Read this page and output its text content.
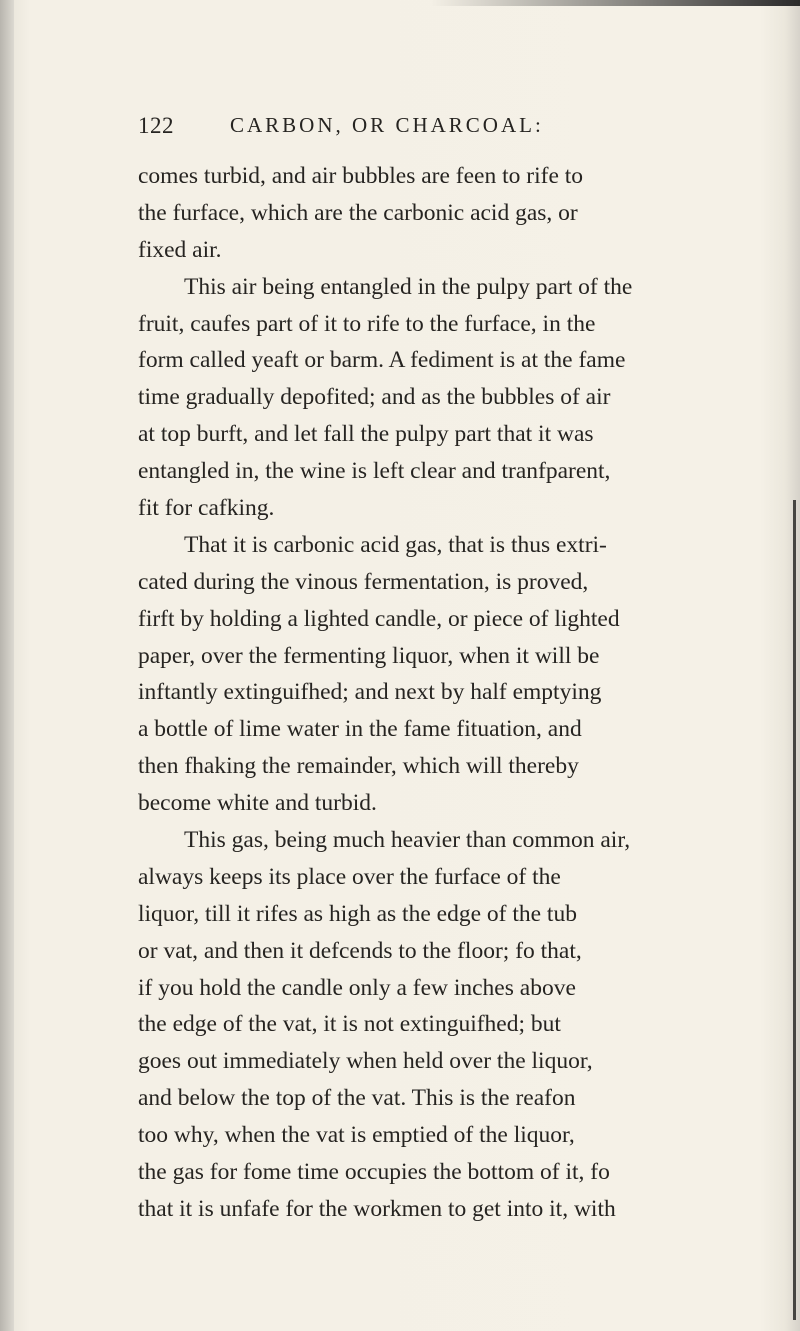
122	CARBON, OR CHARCOAL:
comes turbid, and air bubbles are feen to rife to
the furface, which are the carbonic acid gas, or
fixed air.
This air being entangled in the pulpy part of the
fruit, caufes part of it to rife to the furface, in the
form called yeaft or barm. A fediment is at the fame
time gradually depofited; and as the bubbles of air
at top burft, and let fall the pulpy part that it was
entangled in, the wine is left clear and tranfparent,
fit for cafking.
That it is carbonic acid gas, that is thus extri-
cated during the vinous fermentation, is proved,
firft by holding a lighted candle, or piece of lighted
paper, over the fermenting liquor, when it will be
inftantly extinguifhed; and next by half emptying
a bottle of lime water in the fame fituation, and
then fhaking the remainder, which will thereby
become white and turbid.
This gas, being much heavier than common air,
always keeps its place over the furface of the
liquor, till it rifes as high as the edge of the tub
or vat, and then it defcends to the floor; fo that,
if you hold the candle only a few inches above
the edge of the vat, it is not extinguifhed; but
goes out immediately when held over the liquor,
and below the top of the vat. This is the reafon
too why, when the vat is emptied of the liquor,
the gas for fome time occupies the bottom of it, fo
that it is unfafe for the workmen to get into it, with
